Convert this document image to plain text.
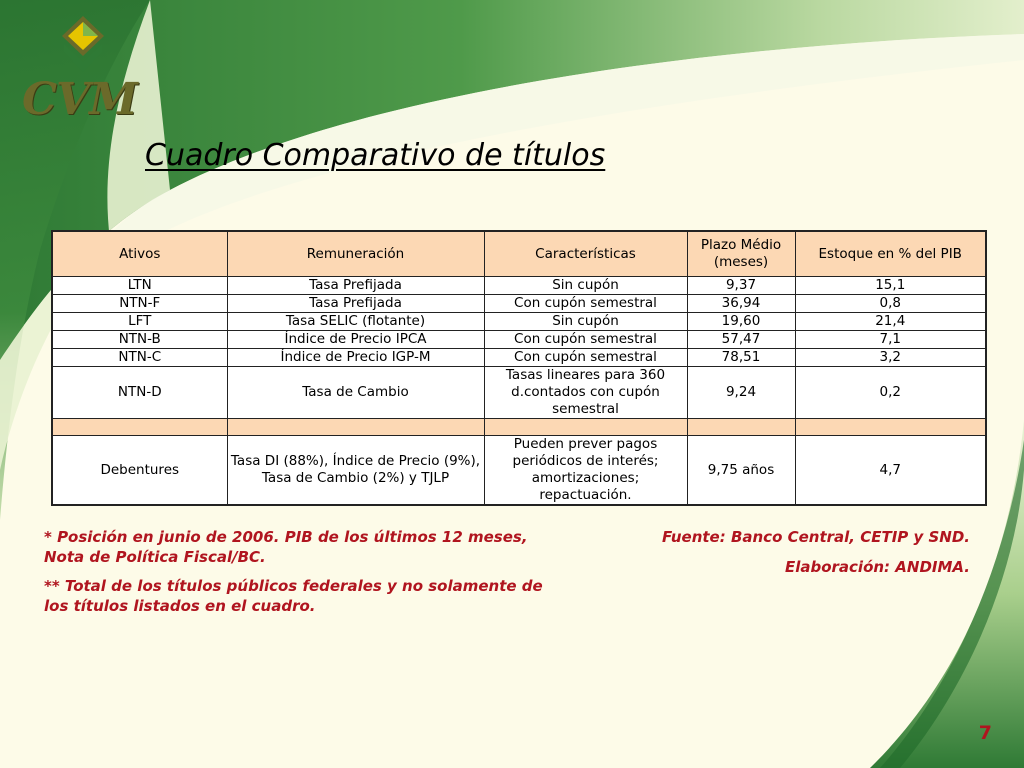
CVM
Cuadro Comparativo de títulos
Ativos	Remuneración	Características	Plazo Médio (meses)	Estoque en % del PIB
LTN	Tasa Prefijada	Sin cupón	9,37	15,1
NTN-F	Tasa Prefijada	Con cupón semestral	36,94	0,8
LFT	Tasa SELIC (flotante)	Sin cupón	19,60	21,4
NTN-B	Índice de Precio IPCA	Con cupón semestral	57,47	7,1
NTN-C	Índice de Precio IGP-M	Con cupón semestral	78,51	3,2
NTN-D	Tasa de Cambio	Tasas lineares para 360 d.contados con cupón semestral	9,24	0,2

Debentures	Tasa DI (88%), Índice de Precio (9%), Tasa de Cambio (2%) y TJLP	Pueden prever pagos periódicos de interés; amortizaciones; repactuación.	9,75 años	4,7

* Posición en junio de 2006. PIB de los últimos 12 meses, Nota de Política Fiscal/BC.

** Total de los títulos públicos federales y no solamente de los títulos listados en el cuadro.

Fuente: Banco Central, CETIP y SND.

Elaboración: ANDIMA.

7
